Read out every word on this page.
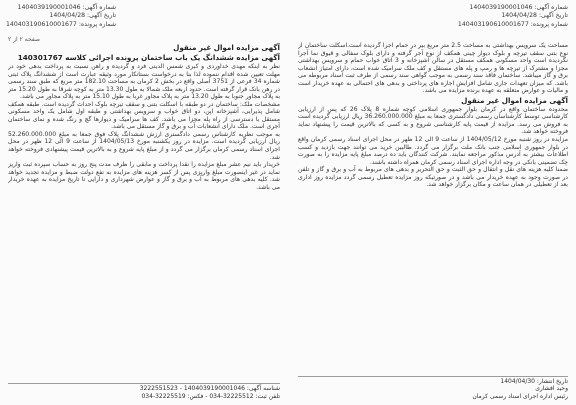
شماره آگهی: 1404039190001046
تاریخ آگهی: 1404/04/28
شماره پرونده: 140403190610001677
شماره آگهی: 1404039190001046
تاریخ آگهی: 1404/04/28
شماره پرونده: 140403190610001677
صفحه ۲ از ۲

مساحت یک سرویس بهداشتی به مساحت 2.5 متر مربع بیر در حمام اجرا گردیده است.اسکلت ساختمان از نوع بتنی سقف تیرچه و بلوک دیوار چینی همکف از نوع آجر گرفته و دارای بلوک سفالی و قیوق نما آجرا نگردیده است واحد مسکونی همکف مستقل در سالن اشپزخانه و 3 اتاق خواب حمام و سرویس بهداشتی مجزا و مشترک از تیرچه ها و رمپ و پله های مستقل و کف ملک سرامیک شده است، دارای امتیاز انشعاب برق و گاز میباشد. ساختمان فاقد سند رسمی به موجب گواهی سند رسمی از طرف ثبت اسناد مربوطه می باشد. که میزان تعهدات جاری شامل افزایش اجاره های پرداختی و بدهی های احتمالی به عهده خریدار است و مالیات و عوارض متعلقه به عهده برنده مزایده می باشد.

آگهی مزایده اموال غیر منقول

محدوده ساختمان واقع در کرمان بلوار جمهوری اسلامی کوچه شماره 8 پلاک 26 که پس از ارزیابی کارشناسی توسط کارشناسان رسمی دادگستری جمعا به مبلغ 36.260.000.000 ریال ارزیابی گردیده است به فروش می رسد. مزایده از قیمت پایه کارشناسی شروع و به کسی که بالاترین قیمت را پیشنهاد نماید فروخته خواهد شد.

مزایده در روز شنبه مورخ 1404/05/12 از ساعت 9 الی 12 ظهر در محل اجرای اسناد رسمی کرمان واقع در بلوار جمهوری اسلامی جنب بانک ملت برگزار می گردد. طالبین خرید می توانند جهت بازدید و کسب اطلاعات بیشتر به آدرس مذکور مراجعه نمایند. شرکت کنندگان باید ده درصد مبلغ پایه مزایده را به صورت چک تضمینی بانکی در وجه اداره اجرای اسناد رسمی کرمان همراه داشته باشند.

ضمنا کلیه هزینه های نقل و انتقال و حق الثبت و حق التحریر و بدهی های مربوط به آب و برق و گاز و تلفن در صورت وجود به عهده خریدار می باشد و در صورتیکه روز مزایده تعطیل رسمی گردد مزایده روز اداری بعد از تعطیلی در همان ساعت و مکان برگزار خواهد شد.

آگهی مزایده اموال غیر منقول
آگهی مزایده ششدانگ یک باب ساختمان پرونده اجرائی کلاسه 140301767

نظر به اینکه مهدی خداوردی و کبری شمس الدینی فرد و گردیده و راهن نسبت به پرداخت بدهی خود در مهلت تعیین شده اقدام ننموده لذا بنا به درخواست بستانکار مورد وثیقه عبارت است از ششدانگ پلاک ثبتی شماره 34 فرعی از 3751 اصلی واقع در بخش 2 کرمان به مساحت 182.10 متر مربع که طبق سند رسمی در رهن بانک قرار گرفته است. حدود اربعه ملک شمالا به طول 13.30 متر به کوچه شرقا به طول 15.20 متر به پلاک مجاور جنوبا به طول 13.20 متر به پلاک مجاور غربا به طول 15.10 متر به پلاک مجاور می باشد.

مشخصات ملک: ساختمان در دو طبقه با اسکلت بتنی و سقف تیرچه بلوک احداث گردیده است. طبقه همکف شامل پذیرایی، آشپزخانه اپن، دو اتاق خواب و سرویس بهداشتی و طبقه اول شامل یک واحد مسکونی مستقل با دسترسی از راه پله مجزا می باشد. کف ها سرامیک و دیوارها گچ و رنگ شده و نمای ساختمان آجری است. ملک دارای انشعابات آب و برق و گاز مستقل می باشد.

به موجب نظریه کارشناس رسمی دادگستری ارزش ششدانگ پلاک فوق جمعا به مبلغ 52.260.000.000 ریال ارزیابی گردیده است. مزایده در روز یکشنبه مورخ 1404/05/13 از ساعت 9 الی 12 ظهر در محل اجرای اسناد رسمی کرمان برگزار می گردد و از مبلغ پایه شروع و به بالاترین قیمت پیشنهادی فروخته خواهد شد.

خریدار باید نیم عشر مبلغ مزایده را نقدا پرداخت و مابقی را ظرف مدت پنج روز به حساب سپرده ثبت واریز نماید در غیر اینصورت مبلغ واریزی پس از کسر هزینه های مزایده به نفع دولت ضبط و مزایده تجدید خواهد شد. کلیه بدهی های مربوط به آب و برق و گاز و عوارض شهرداری و دارایی تا تاریخ مزایده به عهده خریدار می باشد.

تاریخ انتشار: 1404/04/30
وحید افشاری
رئیس اداره اجرای اسناد رسمی کرمان
شناسه آگهی: 1404039190001046 - 3222551523
تلفن ثبت: 32225512-034 - فکس: 32225519-034
